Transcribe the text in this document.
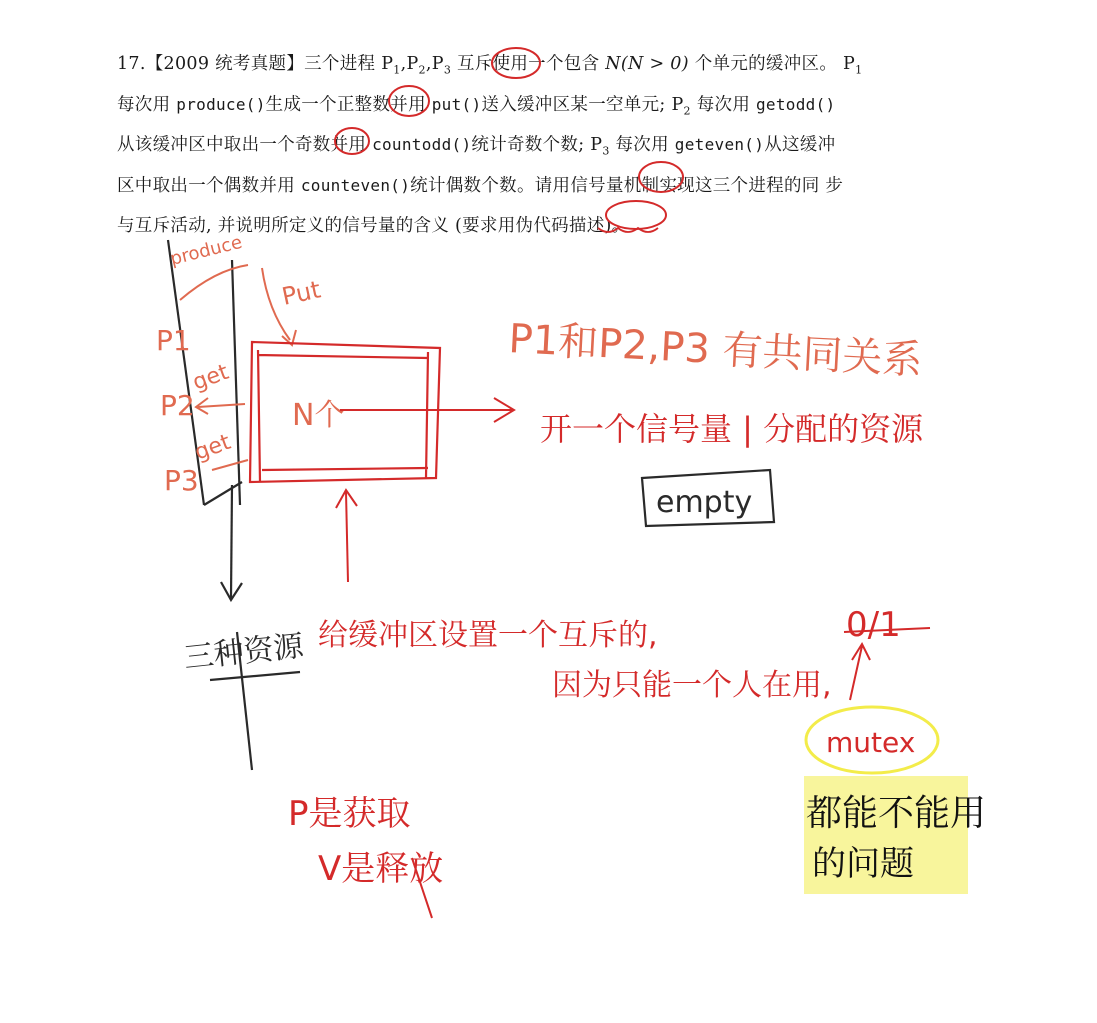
17.【2009 统考真题】三个进程 $P_1,P_2,P_3$ 互斥使用一个包含 N(N > 0) 个单元的缓冲区。 $P_1$
每次用 produce()生成一个正整数并用 put()送入缓冲区某一空单元; $P_2$ 每次用 getodd()
从该缓冲区中取出一个奇数并用 countodd()统计奇数个数; $P_3$ 每次用 geteven()从这缓冲
区中取出一个偶数并用 counteven()统计偶数个数。请用信号量机制实现这三个进程的同 步
与互斥活动, 并说明所定义的信号量的含义 (要求用伪代码描述)。
produce
Put
P1
get
P2
get
P3
N个
P1和P2,P3 有共同关系
开一个信号量 | 分配的资源
empty
三种资源 给缓冲区设置一个互斥的,
因为只能一个人在用,
0/1
mutex
都能不能用
的问题
P是获取
V是释放
